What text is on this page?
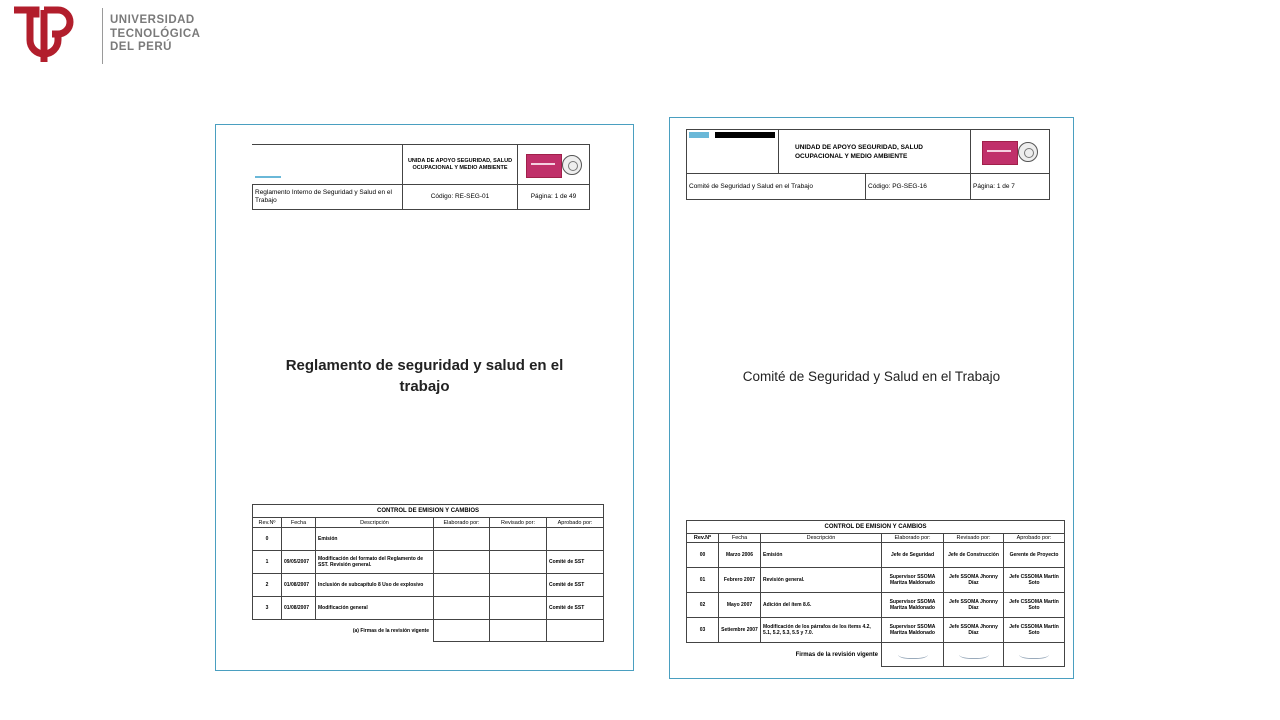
UNIVERSIDAD
TECNOLÓGICA
DEL PERÚ
	UNIDA DE APOYO SEGURIDAD, SALUD OCUPACIONAL Y MEDIO AMBIENTE	

Reglamento Interno de Seguridad y Salud en el Trabajo	Código: RE-SEG-01	Página: 1 de 49
Reglamento de seguridad y salud en el trabajo
CONTROL DE EMISION Y CAMBIOS					
Rev.Nº	Fecha	Descripción	Elaborado por:	Revisado por:	Aprobado por:
0		Emisión			
1	09/05/2007	Modificación del formato del Reglamento de SST. Revisión general.			Comité de SST
2	01/08/2007	Inclusión de subcapítulo 8 Uso de explosivo			Comité de SST
3	01/08/2007	Modificación general			Comité de SST
(a) Firmas de la revisión vigente					
	UNIDAD DE APOYO SEGURIDAD, SALUD OCUPACIONAL Y MEDIO AMBIENTE		

Comité de Seguridad y Salud en el Trabajo		Código: PG-SEG-16	Página: 1 de 7
Comité de Seguridad y Salud en el Trabajo
CONTROL DE EMISION Y CAMBIOS					
Rev.Nº	Fecha	Descripción	Elaborado por:	Revisado por:	Aprobado por:
00	Marzo 2006	Emisión	Jefe de Seguridad	Jefe de Construcción	Gerente de Proyecto
01	Febrero 2007	Revisión general.	Supervisor SSOMA Maritza Maldonado	Jefe SSOMA Jhonny Díaz	Jefe CSSOMA Martín Soto
02	Mayo 2007	Adición del ítem 8.6.	Supervisor SSOMA Maritza Maldonado	Jefe SSOMA Jhonny Díaz	Jefe CSSOMA Martín Soto
03	Setiembre 2007	Modificación de los párrafos de los ítems 4.2, 5.1, 5.2, 5.3, 5.5 y 7.0.	Supervisor SSOMA Maritza Maldonado	Jefe SSOMA Jhonny Díaz	Jefe CSSOMA Martín Soto
Firmas de la revisión vigente					
